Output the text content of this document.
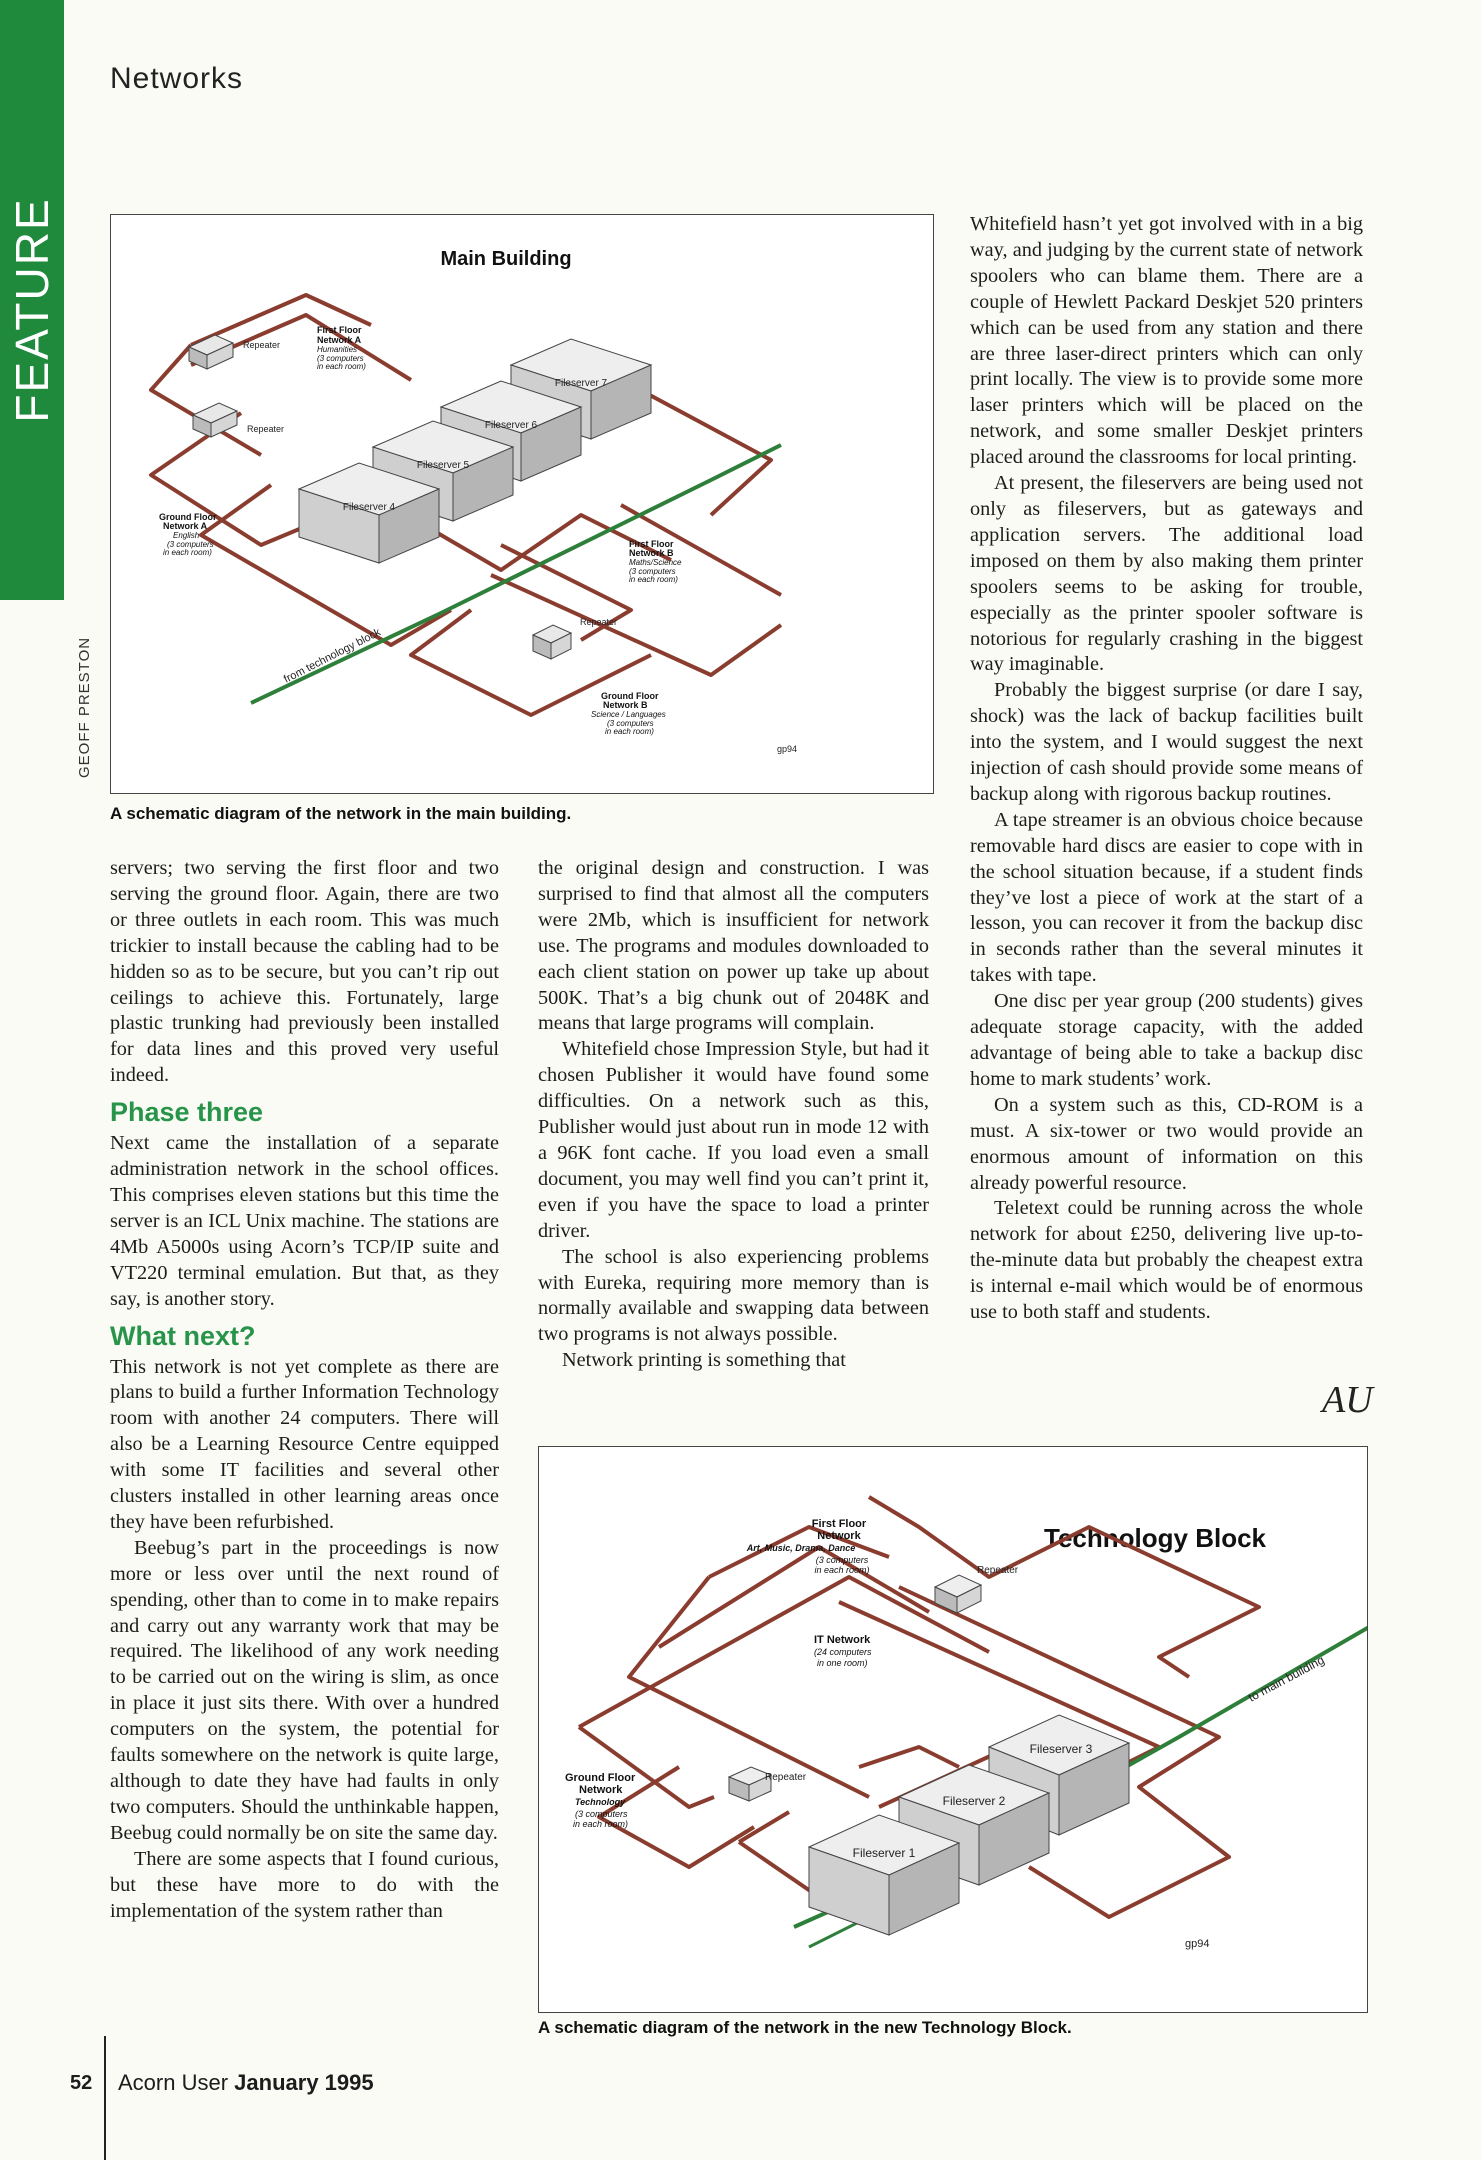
FEATURE
GEOFF PRESTON
Networks
Main Building
from technology block
Repeater
Repeater
Repeater
Fileserver 7
Fileserver 6
Fileserver 5
Fileserver 4
First Floor
Network A
Humanities
(3 computers
in each room)
Ground Floor
Network A
English
(3 computers
in each room)
First Floor
Network B
Maths/Science
(3 computers
in each room)
Ground Floor
Network B
Science / Languages
(3 computers
in each room)
gp94
A schematic diagram of the network in the main building.

servers; two serving the first floor and two serving the ground floor. Again, there are two or three outlets in each room. This was much trickier to install because the cabling had to be hidden so as to be secure, but you can’t rip out ceilings to achieve this. Fortunately, large plastic trunking had previously been installed for data lines and this proved very useful indeed.

Phase three

Next came the installation of a separate administration network in the school offices. This comprises eleven stations but this time the server is an ICL Unix machine. The stations are 4Mb A5000s using Acorn’s TCP/IP suite and VT220 terminal emulation. But that, as they say, is another story.

What next?

This network is not yet complete as there are plans to build a further Information Technology room with another 24 computers. There will also be a Learning Resource Centre equipped with some IT facilities and several other clusters installed in other learning areas once they have been refurbished.

Beebug’s part in the proceedings is now more or less over until the next round of spending, other than to come in to make repairs and carry out any warranty work that may be required. The likelihood of any work needing to be carried out on the wiring is slim, as once in place it just sits there. With over a hundred computers on the system, the potential for faults somewhere on the network is quite large, although to date they have had faults in only two computers. Should the unthinkable happen, Beebug could normally be on site the same day.

There are some aspects that I found curious, but these have more to do with the implementation of the system rather than

the original design and construction. I was surprised to find that almost all the computers were 2Mb, which is insufficient for network use. The programs and modules downloaded to each client station on power up take up about 500K. That’s a big chunk out of 2048K and means that large programs will complain.

Whitefield chose Impression Style, but had it chosen Publisher it would have found some difficulties. On a network such as this, Publisher would just about run in mode 12 with a 96K font cache. If you load even a small document, you may well find you can’t print it, even if you have the space to load a printer driver.

The school is also experiencing problems with Eureka, requiring more memory than is normally available and swapping data between two programs is not always possible.

Network printing is something that

Whitefield hasn’t yet got involved with in a big way, and judging by the current state of network spoolers who can blame them. There are a couple of Hewlett Packard Deskjet 520 printers which can be used from any station and there are three laser-direct printers which can only print locally. The view is to provide some more laser printers which will be placed on the network, and some smaller Deskjet printers placed around the classrooms for local printing.

At present, the fileservers are being used not only as fileservers, but as gateways and application servers. The additional load imposed on them by also making them printer spoolers seems to be asking for trouble, especially as the printer spooler software is notorious for regularly crashing in the biggest way imaginable.

Probably the biggest surprise (or dare I say, shock) was the lack of backup facilities built into the system, and I would suggest the next injection of cash should provide some means of backup along with rigorous backup routines.

A tape streamer is an obvious choice because removable hard discs are easier to cope with in the school situation because, if a student finds they’ve lost a piece of work at the start of a lesson, you can recover it from the backup disc in seconds rather than the several minutes it takes with tape.

One disc per year group (200 students) gives adequate storage capacity, with the added advantage of being able to take a backup disc home to mark students’ work.

On a system such as this, CD-ROM is a must. A six-tower or two would provide an enormous amount of information on this already powerful resource.

Teletext could be running across the whole network for about £250, delivering live up-to-the-minute data but probably the cheapest extra is internal e-mail which would be of enormous use to both staff and students.

AU
Technology Block
to main building
Repeater
Repeater
Fileserver 3
Fileserver 2
Fileserver 1
First Floor
Network
Art, Music, Drama, Dance
(3 computers
in each room)
IT Network
(24 computers
in one room)
Ground Floor
Network
Technology
(3 computers
in each room)
gp94
A schematic diagram of the network in the new Technology Block.
52 Acorn User January 1995
